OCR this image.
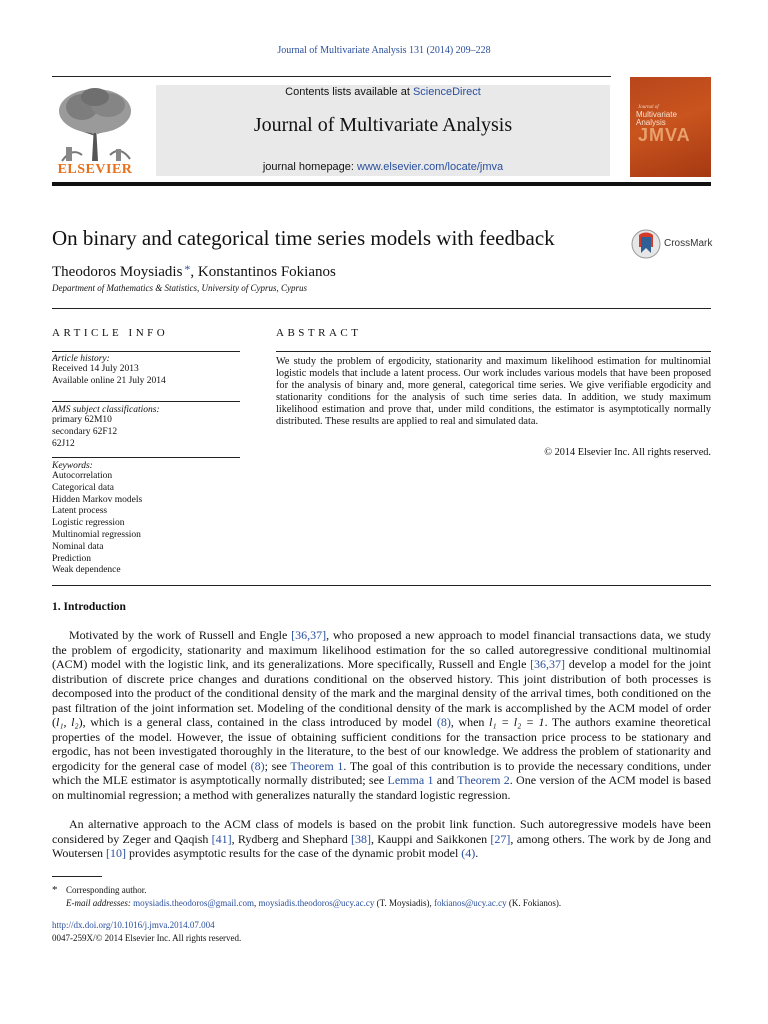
Journal of Multivariate Analysis 131 (2014) 209–228
ELSEVIER
Contents lists available at ScienceDirect
Journal of Multivariate Analysis
journal homepage: www.elsevier.com/locate/jmva
Journal of
Multivariate Analysis
JMVA
On binary and categorical time series models with feedback	CrossMark
Theodoros Moysiadis *, Konstantinos Fokianos
Department of Mathematics & Statistics, University of Cyprus, Cyprus
ARTICLE INFO
Article history:
Received 14 July 2013
Available online 21 July 2014
AMS subject classifications:
primary 62M10
secondary 62F12
62J12
Keywords:
Autocorrelation
Categorical data
Hidden Markov models
Latent process
Logistic regression
Multinomial regression
Nominal data
Prediction
Weak dependence
ABSTRACT
We study the problem of ergodicity, stationarity and maximum likelihood estimation for multinomial logistic models that include a latent process. Our work includes various models that have been proposed for the analysis of binary and, more general, categorical time series. We give verifiable ergodicity and stationarity conditions for the analysis of such time series data. In addition, we study maximum likelihood estimation and prove that, under mild conditions, the estimator is asymptotically normally distributed. These results are applied to real and simulated data.
© 2014 Elsevier Inc. All rights reserved.
1. Introduction
Motivated by the work of Russell and Engle [36,37], who proposed a new approach to model financial transactions data, we study the problem of ergodicity, stationarity and maximum likelihood estimation for the so called autoregressive conditional multinomial (ACM) model with the logistic link, and its generalizations. More specifically, Russell and Engle [36,37] develop a model for the joint distribution of discrete price changes and durations conditional on the observed history. This joint distribution of both processes is decomposed into the product of the conditional density of the mark and the marginal density of the arrival times, both conditioned on the past filtration of the joint information set. Modeling of the conditional density of the mark is accomplished by the ACM model of order (l₁, l₂), which is a general class, contained in the class introduced by model (8), when l₁ = l₂ = 1. The authors examine theoretical properties of the model. However, the issue of obtaining sufficient conditions for the transaction price process to be stationary and ergodic, has not been investigated thoroughly in the literature, to the best of our knowledge. We address the problem of stationarity and ergodicity for the general case of model (8); see Theorem 1. The goal of this contribution is to provide the necessary conditions, under which the MLE estimator is asymptotically normally distributed; see Lemma 1 and Theorem 2. One version of the ACM model is based on multinomial regression; a method with generalizes naturally the standard logistic regression.
An alternative approach to the ACM class of models is based on the probit link function. Such autoregressive models have been considered by Zeger and Qaqish [41], Rydberg and Shephard [38], Kauppi and Saikkonen [27], among others. The work by de Jong and Woutersen [10] provides asymptotic results for the case of the dynamic probit model (4).
* Corresponding author.
E-mail addresses: moysiadis.theodoros@gmail.com, moysiadis.theodoros@ucy.ac.cy (T. Moysiadis), fokianos@ucy.ac.cy (K. Fokianos).
http://dx.doi.org/10.1016/j.jmva.2014.07.004
0047-259X/© 2014 Elsevier Inc. All rights reserved.
